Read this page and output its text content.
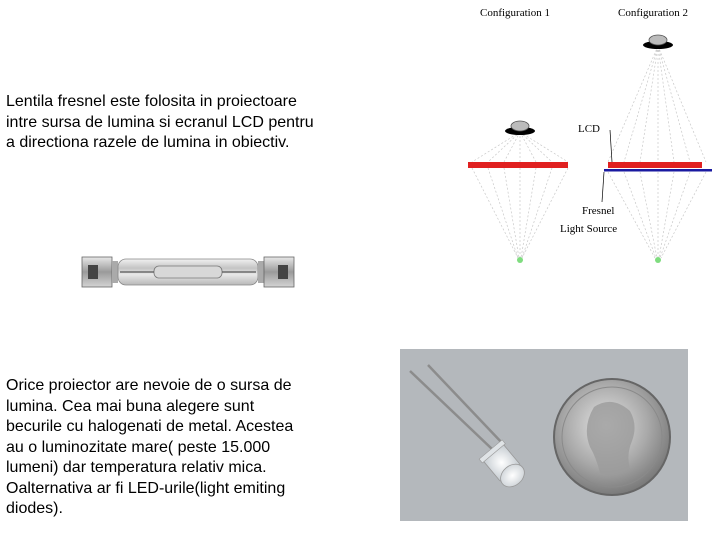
Lentila fresnel este folosita in proiectoare
intre sursa de lumina si ecranul LCD pentru
a directiona razele de lumina in obiectiv.
Orice proiector are nevoie de o sursa de
lumina. Cea mai buna alegere sunt
becurile cu halogenati de metal. Acestea
au o luminozitate mare( peste 15.000
lumeni) dar temperatura relativ mica.
Oalternativa ar fi LED-urile(light emiting
diodes).
Configuration 1	Configuration 2
LCD
Fresnel
Light Source
